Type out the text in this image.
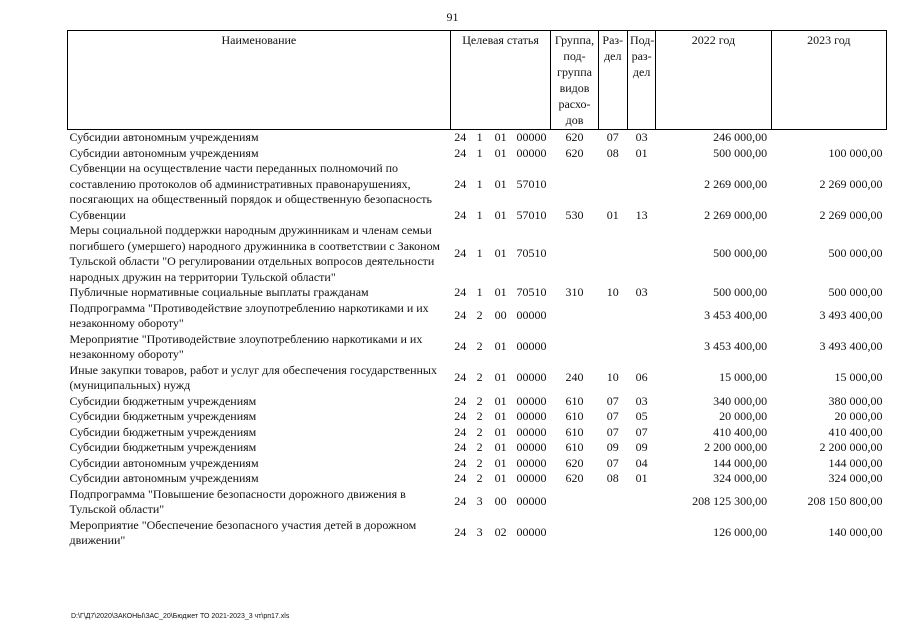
91
Наименование	Целевая статья				Группа, под-группа видов расхо-дов	Раз-дел	Под-раз-дел	2022 год	2023 год
Субсидии автономным учреждениям	24	1	01	00000	620	07	03	246 000,00	
Субсидии автономным учреждениям	24	1	01	00000	620	08	01	500 000,00	100 000,00
Субвенции на осуществление части переданных полномочий по составлению протоколов об административных правонарушениях, посягающих на общественный порядок и общественную безопасность	24	1	01	57010				2 269 000,00	2 269 000,00
Субвенции	24	1	01	57010	530	01	13	2 269 000,00	2 269 000,00
Меры социальной поддержки народным дружинникам и членам семьи погибшего (умершего) народного дружинника в соответствии с Законом Тульской области "О регулировании отдельных вопросов деятельности народных дружин на территории Тульской области"	24	1	01	70510				500 000,00	500 000,00
Публичные нормативные социальные выплаты гражданам	24	1	01	70510	310	10	03	500 000,00	500 000,00
Подпрограмма "Противодействие злоупотреблению наркотиками и их незаконному обороту"	24	2	00	00000				3 453 400,00	3 493 400,00
Мероприятие "Противодействие злоупотреблению наркотиками и их незаконному обороту"	24	2	01	00000				3 453 400,00	3 493 400,00
Иные закупки товаров, работ и услуг для обеспечения государственных (муниципальных) нужд	24	2	01	00000	240	10	06	15 000,00	15 000,00
Субсидии бюджетным учреждениям	24	2	01	00000	610	07	03	340 000,00	380 000,00
Субсидии бюджетным учреждениям	24	2	01	00000	610	07	05	20 000,00	20 000,00
Субсидии бюджетным учреждениям	24	2	01	00000	610	07	07	410 400,00	410 400,00
Субсидии бюджетным учреждениям	24	2	01	00000	610	09	09	2 200 000,00	2 200 000,00
Субсидии автономным учреждениям	24	2	01	00000	620	07	04	144 000,00	144 000,00
Субсидии автономным учреждениям	24	2	01	00000	620	08	01	324 000,00	324 000,00
Подпрограмма "Повышение безопасности дорожного движения в Тульской области"	24	3	00	00000				208 125 300,00	208 150 800,00
Мероприятие "Обеспечение безопасного участия детей в дорожном движении"	24	3	02	00000				126 000,00	140 000,00
D:\Г\Д7\2020\ЗАКОНЫ\ЗАС_20\Бюджет ТО 2021-2023_3 чт\рп17.xls
